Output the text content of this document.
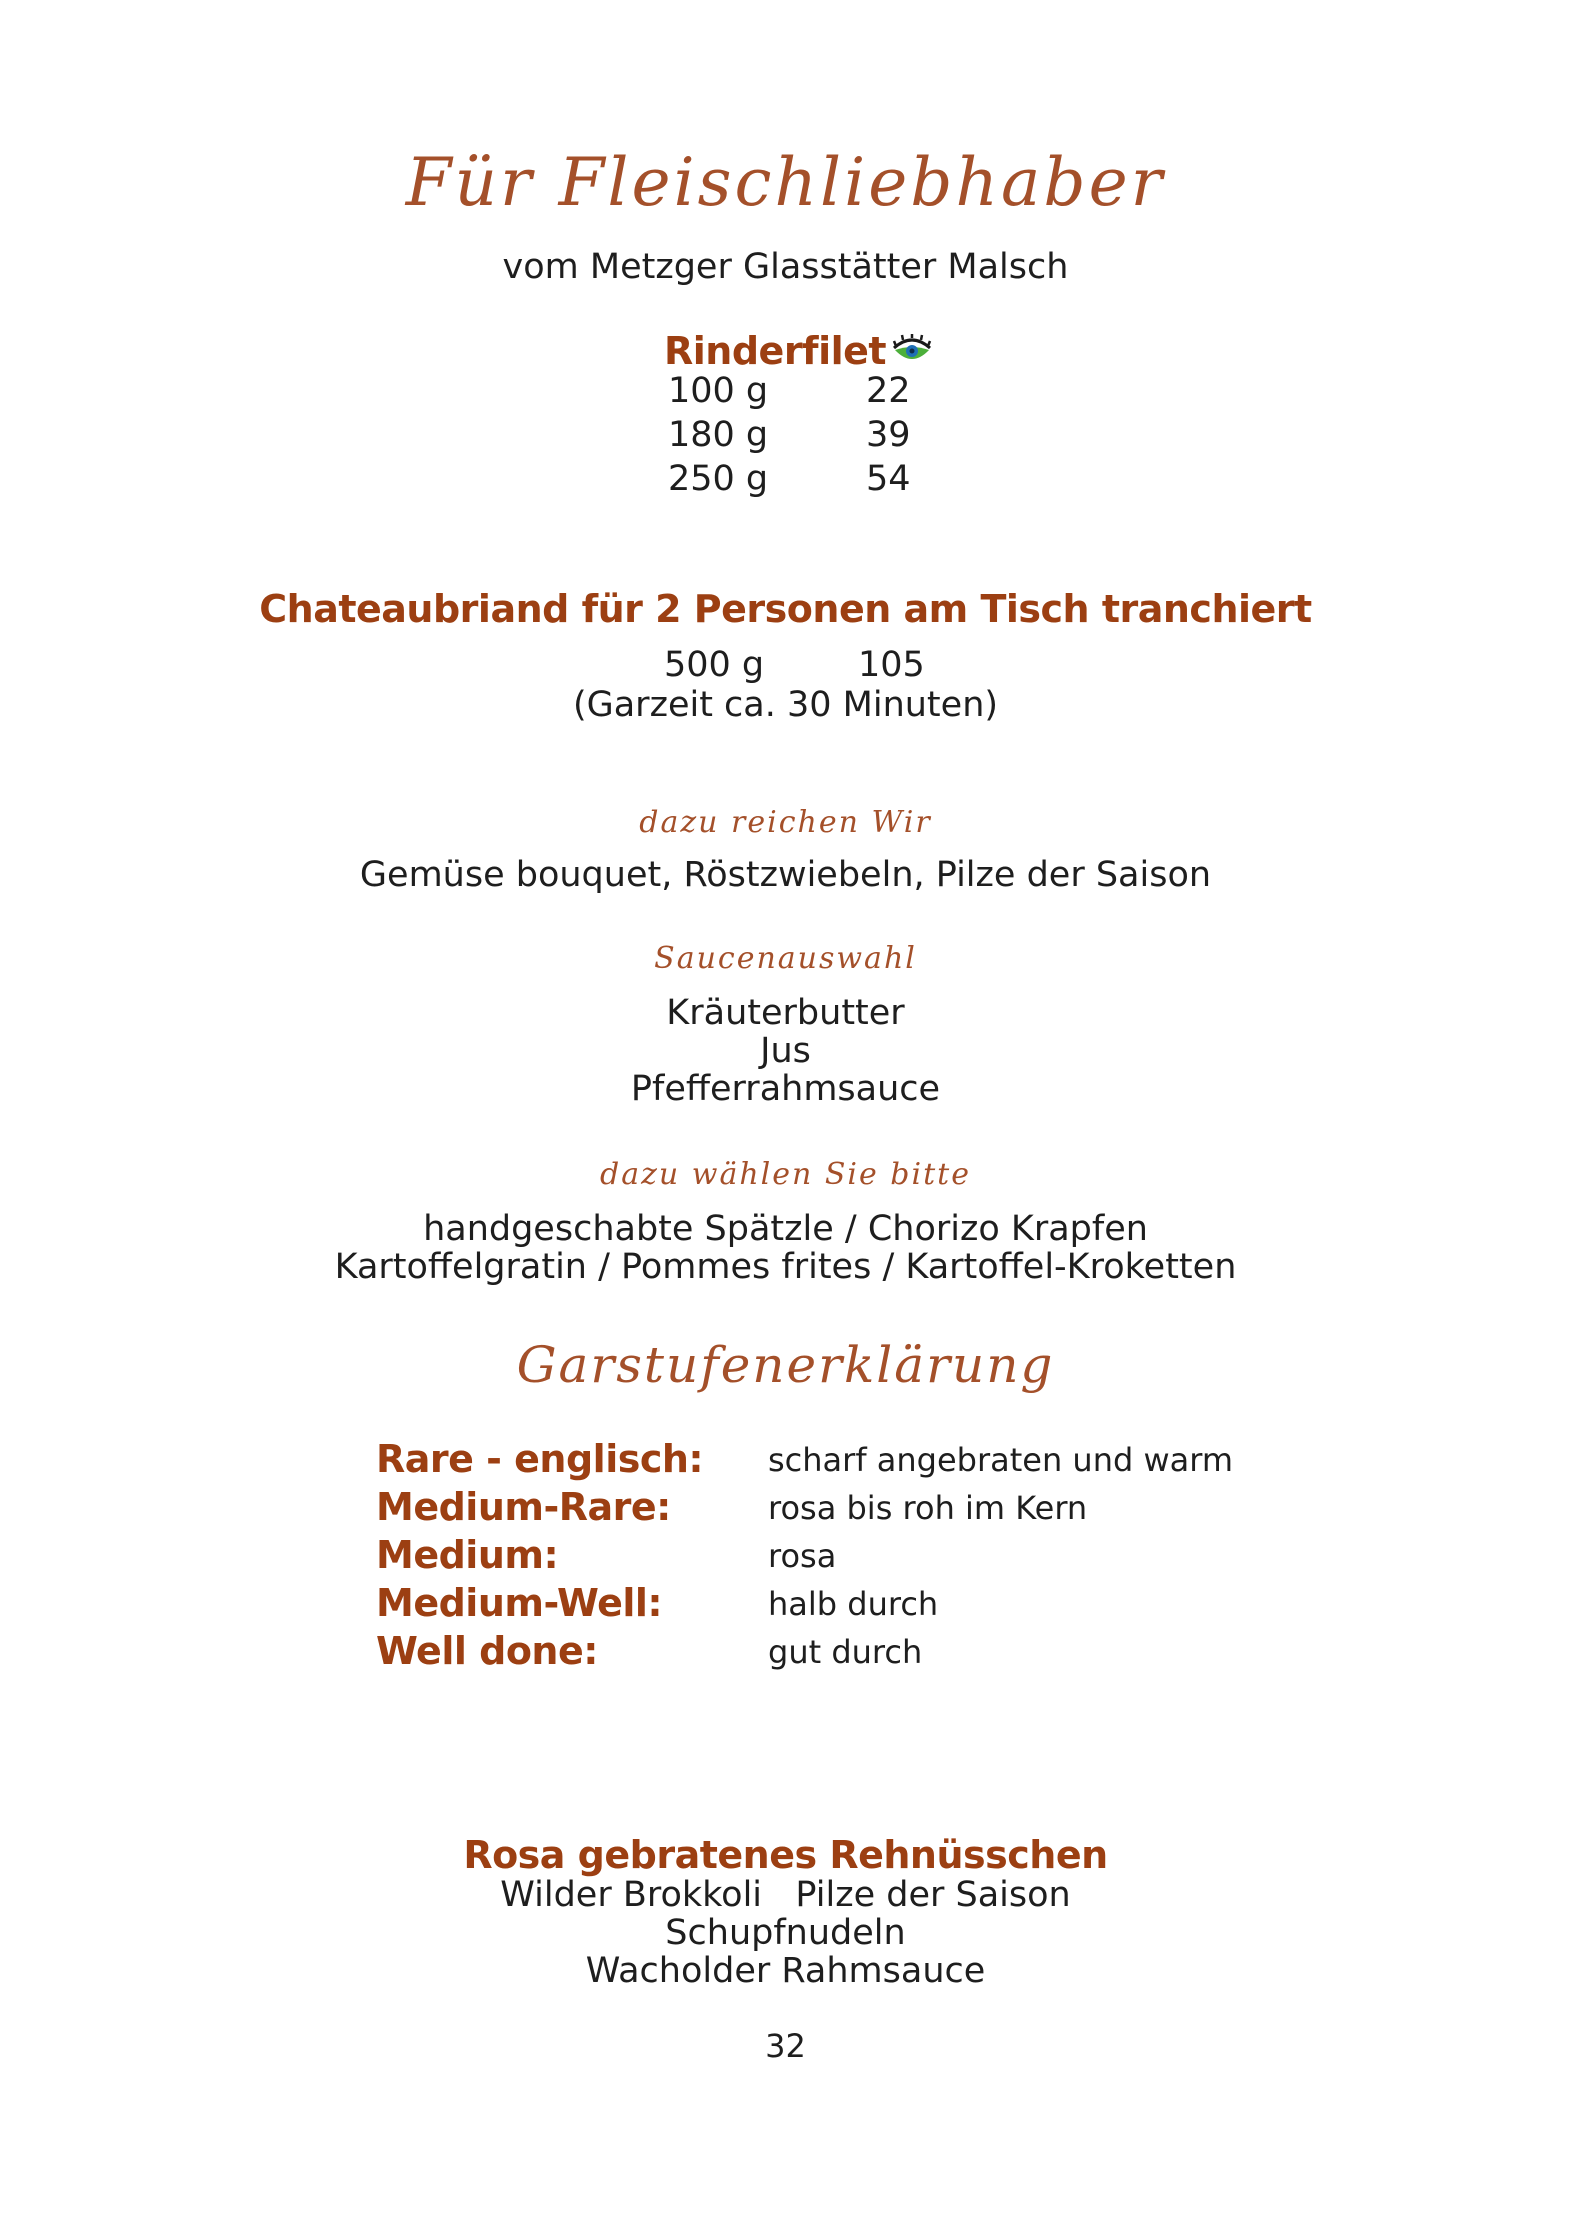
Für Fleischliebhaber
vom Metzger Glasstätter Malsch
Rinderfilet
100 g	22
180 g	39
250 g	54
Chateaubriand für 2 Personen am Tisch tranchiert
500 g	105
(Garzeit ca. 30 Minuten)
dazu reichen Wir
Gemüse bouquet, Röstzwiebeln, Pilze der Saison
Saucenauswahl
Kräuterbutter
Jus
Pfefferrahmsauce
dazu wählen Sie bitte
handgeschabte Spätzle / Chorizo Krapfen
Kartoffelgratin / Pommes frites / Kartoffel-Kroketten
Garstufenerklärung
Rare - englisch: scharf angebraten und warm
Medium-Rare:	rosa bis roh im Kern
Medium:	rosa
Medium-Well:	halb durch
Well done:	gut durch
Rosa gebratenes Rehnüsschen
Wilder Brokkoli   Pilze der Saison
Schupfnudeln
Wacholder Rahmsauce
32
